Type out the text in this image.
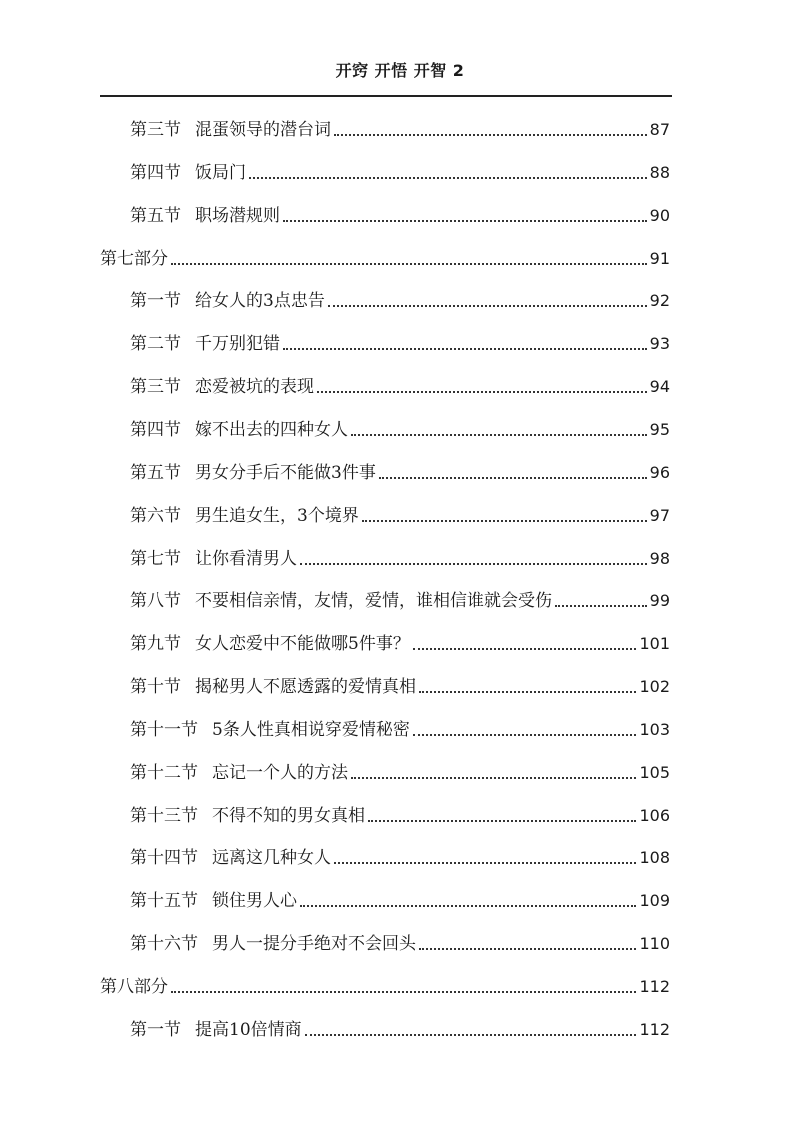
开窍 开悟 开智 2
第三节 混蛋领导的潜台词	87
第四节 饭局门	88
第五节 职场潜规则	90
第七部分	91
第一节 给女人的3点忠告	92
第二节 千万别犯错	93
第三节 恋爱被坑的表现	94
第四节 嫁不出去的四种女人	95
第五节 男女分手后不能做3件事	96
第六节 男生追女生，3个境界	97
第七节 让你看清男人	98
第八节 不要相信亲情，友情，爱情，谁相信谁就会受伤	99
第九节 女人恋爱中不能做哪5件事？	101
第十节 揭秘男人不愿透露的爱情真相	102
第十一节 5条人性真相说穿爱情秘密	103
第十二节 忘记一个人的方法	105
第十三节 不得不知的男女真相	106
第十四节 远离这几种女人	108
第十五节 锁住男人心	109
第十六节 男人一提分手绝对不会回头	110
第八部分	112
第一节 提高10倍情商	112
